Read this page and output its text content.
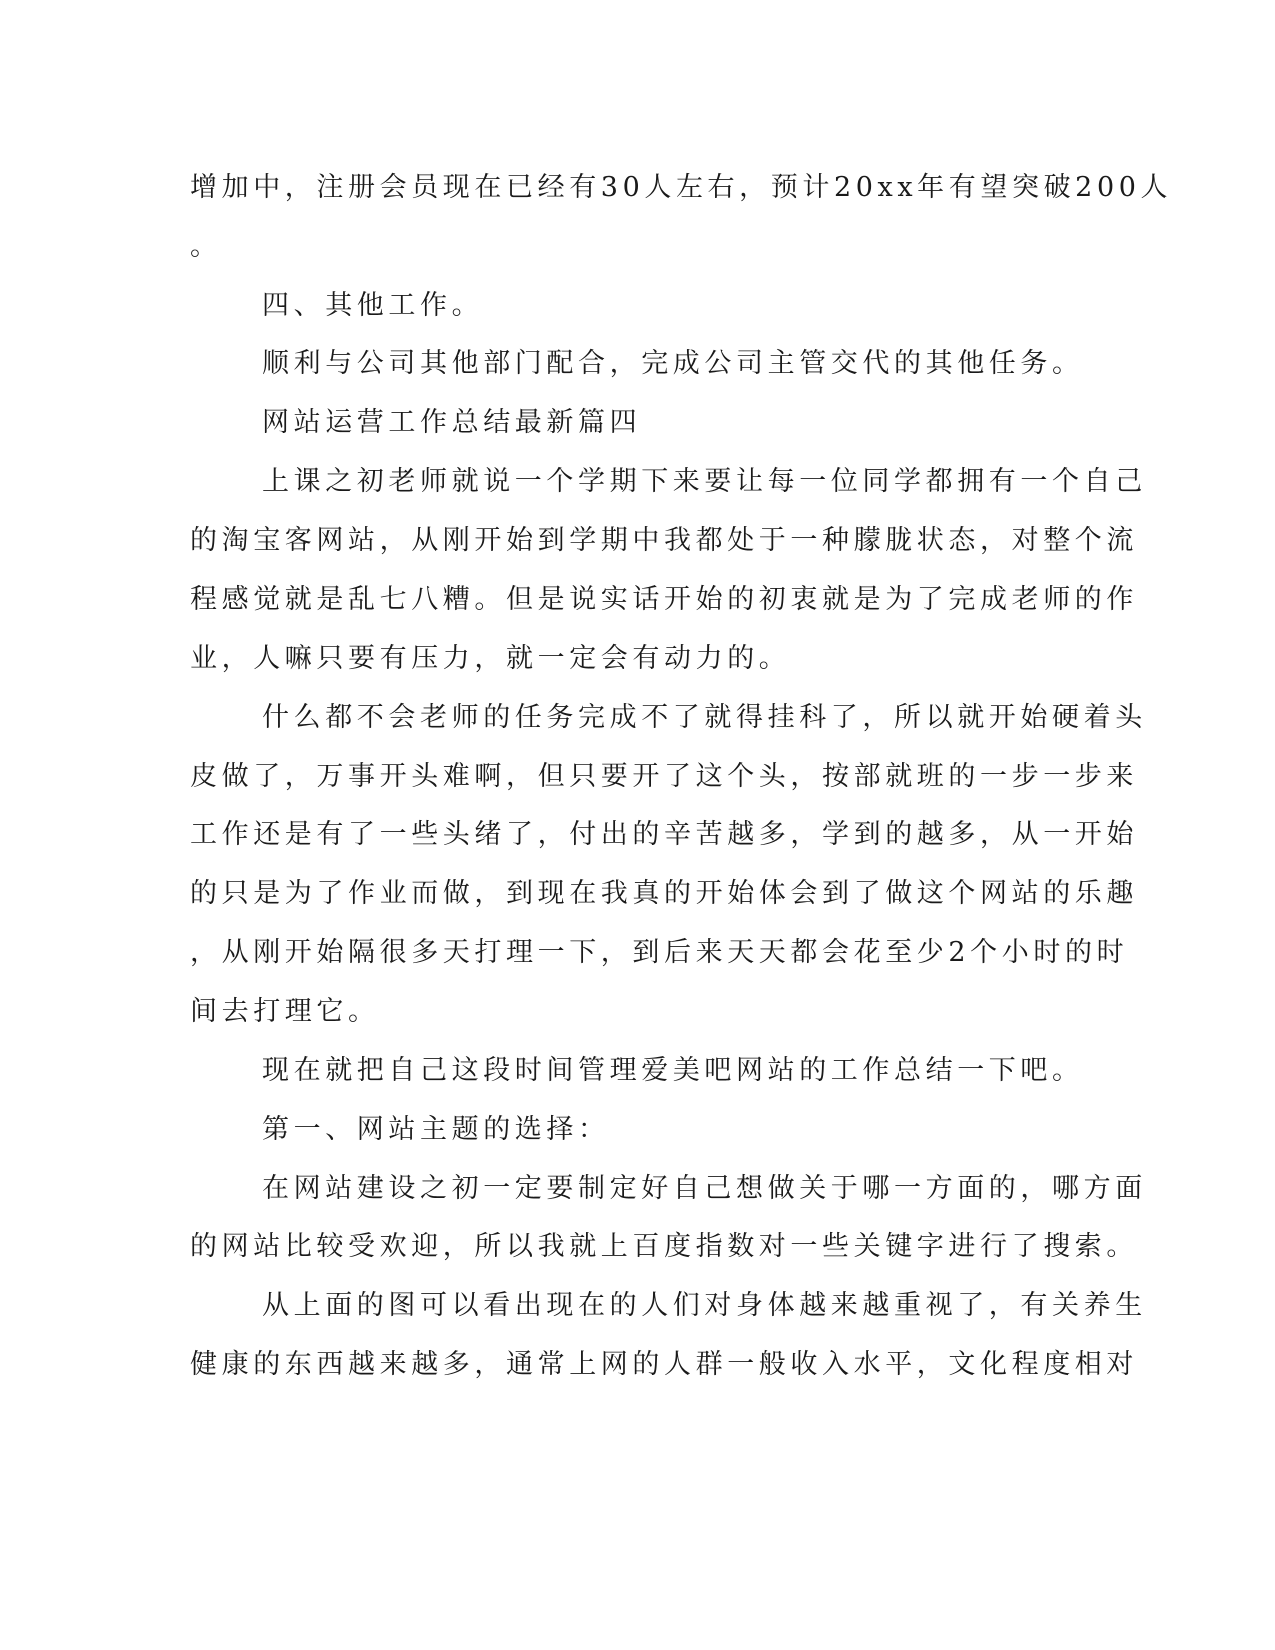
增加中，注册会员现在已经有30人左右，预计20xx年有望突破200人

。

四、其他工作。

顺利与公司其他部门配合，完成公司主管交代的其他任务。

网站运营工作总结最新篇四

上课之初老师就说一个学期下来要让每一位同学都拥有一个自己

的淘宝客网站，从刚开始到学期中我都处于一种朦胧状态，对整个流

程感觉就是乱七八糟。但是说实话开始的初衷就是为了完成老师的作

业，人嘛只要有压力，就一定会有动力的。

什么都不会老师的任务完成不了就得挂科了，所以就开始硬着头

皮做了，万事开头难啊，但只要开了这个头，按部就班的一步一步来

工作还是有了一些头绪了，付出的辛苦越多，学到的越多，从一开始

的只是为了作业而做，到现在我真的开始体会到了做这个网站的乐趣

，从刚开始隔很多天打理一下，到后来天天都会花至少2个小时的时

间去打理它。

现在就把自己这段时间管理爱美吧网站的工作总结一下吧。

第一、网站主题的选择：

在网站建设之初一定要制定好自己想做关于哪一方面的，哪方面

的网站比较受欢迎，所以我就上百度指数对一些关键字进行了搜索。

从上面的图可以看出现在的人们对身体越来越重视了，有关养生

健康的东西越来越多，通常上网的人群一般收入水平，文化程度相对
